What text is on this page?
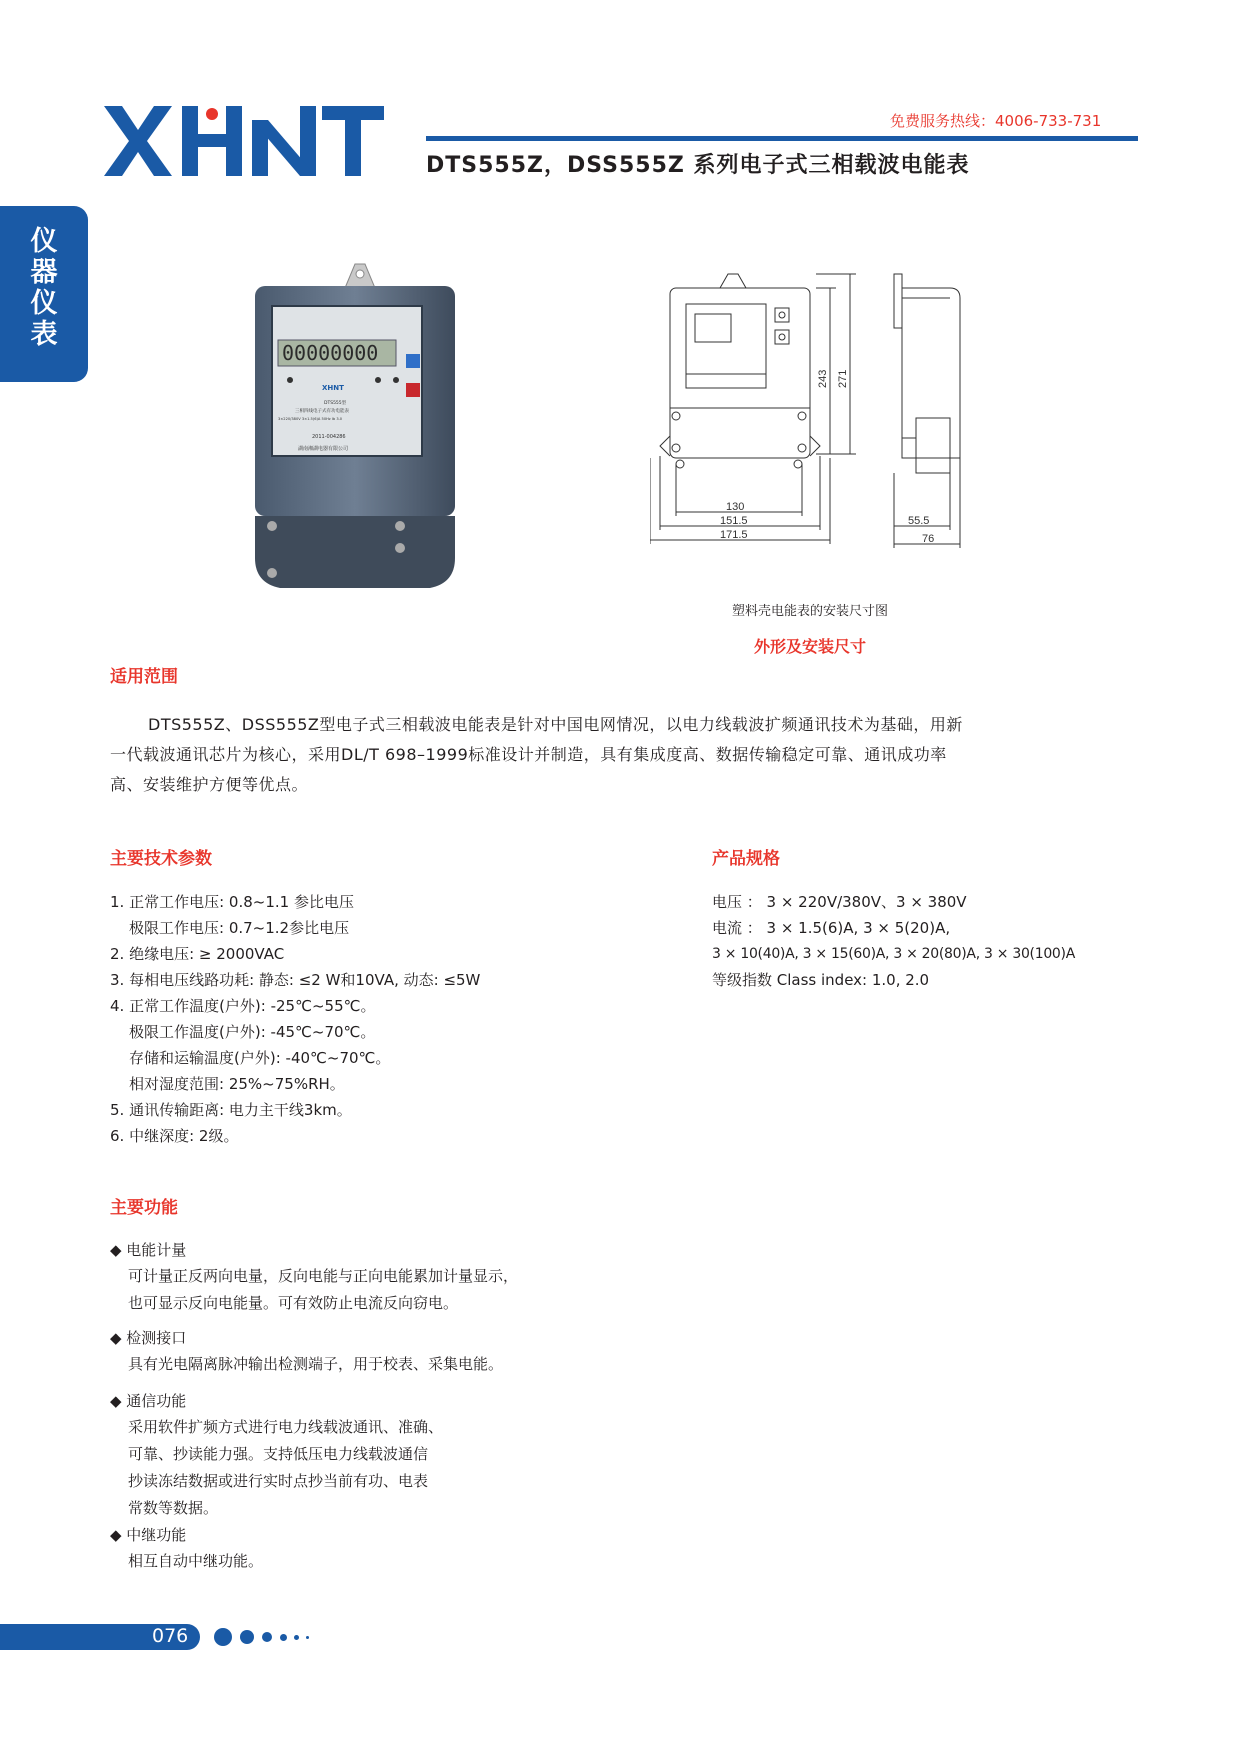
免费服务热线：4006-733-731
DTS555Z，DSS555Z 系列电子式三相载波电能表
仪
器
仪
表
00000000
XHNT
DTS555型
三相四线电子式有功电能表
3×220/380V 3×1.5(6)A 50Hz Ib 3.0
2011-004286
湖南湘湖电器有限公司
243 271
130
151.5
171.5
55.5
76
塑料壳电能表的安装尺寸图
外形及安装尺寸
适用范围

DTS555Z、DSS555Z型电子式三相载波电能表是针对中国电网情况，以电力线载波扩频通讯技术为基础，用新

一代载波通讯芯片为核心，采用DL/T 698–1999标准设计并制造，具有集成度高、数据传输稳定可靠、通讯成功率

高、安装维护方便等优点。

主要技术参数
1. 正常工作电压: 0.8~1.1 参比电压
极限工作电压: 0.7~1.2参比电压
2. 绝缘电压: ≥ 2000VAC
3. 每相电压线路功耗: 静态: ≤2 W和10VA, 动态: ≤5W
4. 正常工作温度(户外): -25℃~55℃。
极限工作温度(户外): -45℃~70℃。
存储和运输温度(户外): -40℃~70℃。
相对湿度范围: 25%~75%RH。
5. 通讯传输距离: 电力主干线3km。
6. 中继深度: 2级。
产品规格
电压 ： 3 × 220V/380V、3 × 380V
电流 ： 3 × 1.5(6)A, 3 × 5(20)A,
3 × 10(40)A, 3 × 15(60)A, 3 × 20(80)A, 3 × 30(100)A
等级指数 Class index: 1.0, 2.0
主要功能
◆ 电能计量
可计量正反两向电量，反向电能与正向电能累加计量显示，
也可显示反向电能量。可有效防止电流反向窃电。
◆ 检测接口
具有光电隔离脉冲输出检测端子，用于校表、采集电能。
◆ 通信功能
采用软件扩频方式进行电力线载波通讯、准确、
可靠、抄读能力强。支持低压电力线载波通信
抄读冻结数据或进行实时点抄当前有功、电表
常数等数据。
◆ 中继功能
相互自动中继功能。
076
